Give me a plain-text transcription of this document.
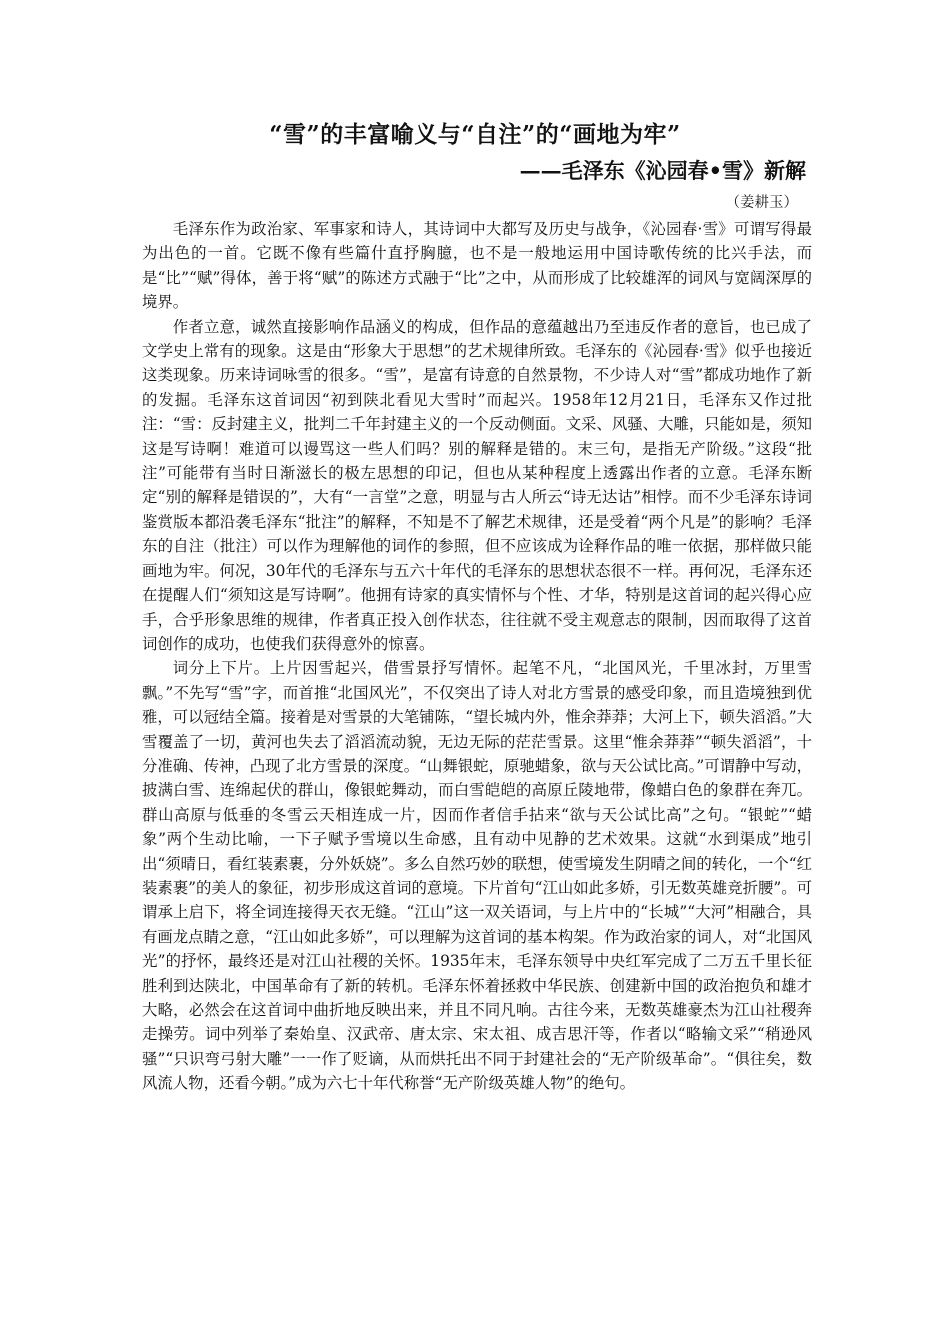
“雪”的丰富喻义与“自注”的“画地为牢”
——毛泽东《沁园春•雪》新解
（姜耕玉）

毛泽东作为政治家、军事家和诗人，其诗词中大都写及历史与战争，《沁园春·雪》可谓写得最为出色的一首。它既不像有些篇什直抒胸臆，也不是一般地运用中国诗歌传统的比兴手法，而是“比”“赋”得体，善于将“赋”的陈述方式融于“比”之中，从而形成了比较雄浑的词风与宽阔深厚的境界。

作者立意，诚然直接影响作品涵义的构成，但作品的意蕴越出乃至违反作者的意旨，也已成了文学史上常有的现象。这是由“形象大于思想”的艺术规律所致。毛泽东的《沁园春·雪》似乎也接近这类现象。历来诗词咏雪的很多。“雪”，是富有诗意的自然景物，不少诗人对“雪”都成功地作了新的发掘。毛泽东这首词因“初到陕北看见大雪时”而起兴。1958年12月21日，毛泽东又作过批注：“雪：反封建主义，批判二千年封建主义的一个反动侧面。文采、风骚、大雕，只能如是，须知这是写诗啊！难道可以谩骂这一些人们吗？别的解释是错的。末三句，是指无产阶级。”这段“批注”可能带有当时日渐滋长的极左思想的印记，但也从某种程度上透露出作者的立意。毛泽东断定“别的解释是错误的”，大有“一言堂”之意，明显与古人所云“诗无达诂”相悖。而不少毛泽东诗词鉴赏版本都沿袭毛泽东“批注”的解释，不知是不了解艺术规律，还是受着“两个凡是”的影响？毛泽东的自注（批注）可以作为理解他的词作的参照，但不应该成为诠释作品的唯一依据，那样做只能画地为牢。何况，30年代的毛泽东与五六十年代的毛泽东的思想状态很不一样。再何况，毛泽东还在提醒人们“须知这是写诗啊”。他拥有诗家的真实情怀与个性、才华，特别是这首词的起兴得心应手，合乎形象思维的规律，作者真正投入创作状态，往往就不受主观意志的限制，因而取得了这首词创作的成功，也使我们获得意外的惊喜。

词分上下片。上片因雪起兴，借雪景抒写情怀。起笔不凡，“北国风光，千里冰封，万里雪飘。”不先写“雪”字，而首推“北国风光”，不仅突出了诗人对北方雪景的感受印象，而且造境独到优雅，可以冠结全篇。接着是对雪景的大笔铺陈，“望长城内外，惟余莽莽；大河上下，顿失滔滔。”大雪覆盖了一切，黄河也失去了滔滔流动貌，无边无际的茫茫雪景。这里“惟余莽莽”“顿失滔滔”，十分准确、传神，凸现了北方雪景的深度。“山舞银蛇，原驰蜡象，欲与天公试比高。”可谓静中写动，披满白雪、连绵起伏的群山，像银蛇舞动，而白雪皑皑的高原丘陵地带，像蜡白色的象群在奔兀。群山高原与低垂的冬雪云天相连成一片，因而作者信手拈来“欲与天公试比高”之句。“银蛇”“蜡象”两个生动比喻，一下子赋予雪境以生命感，且有动中见静的艺术效果。这就“水到渠成”地引出“须晴日，看红装素裹，分外妖娆”。多么自然巧妙的联想，使雪境发生阴晴之间的转化，一个“红装素裹”的美人的象征，初步形成这首词的意境。下片首句“江山如此多娇，引无数英雄竞折腰”。可谓承上启下，将全词连接得天衣无缝。“江山”这一双关语词，与上片中的“长城”“大河”相融合，具有画龙点睛之意，“江山如此多娇”，可以理解为这首词的基本构架。作为政治家的词人，对“北国风光”的抒怀，最终还是对江山社稷的关怀。1935年末，毛泽东领导中央红军完成了二万五千里长征胜利到达陕北，中国革命有了新的转机。毛泽东怀着拯救中华民族、创建新中国的政治抱负和雄才大略，必然会在这首词中曲折地反映出来，并且不同凡响。古往今来，无数英雄豪杰为江山社稷奔走操劳。词中列举了秦始皇、汉武帝、唐太宗、宋太祖、成吉思汗等，作者以“略输文采”“稍逊风骚”“只识弯弓射大雕”一一作了贬谪，从而烘托出不同于封建社会的“无产阶级革命”。“俱往矣，数风流人物，还看今朝。”成为六七十年代称誉“无产阶级英雄人物”的绝句。
